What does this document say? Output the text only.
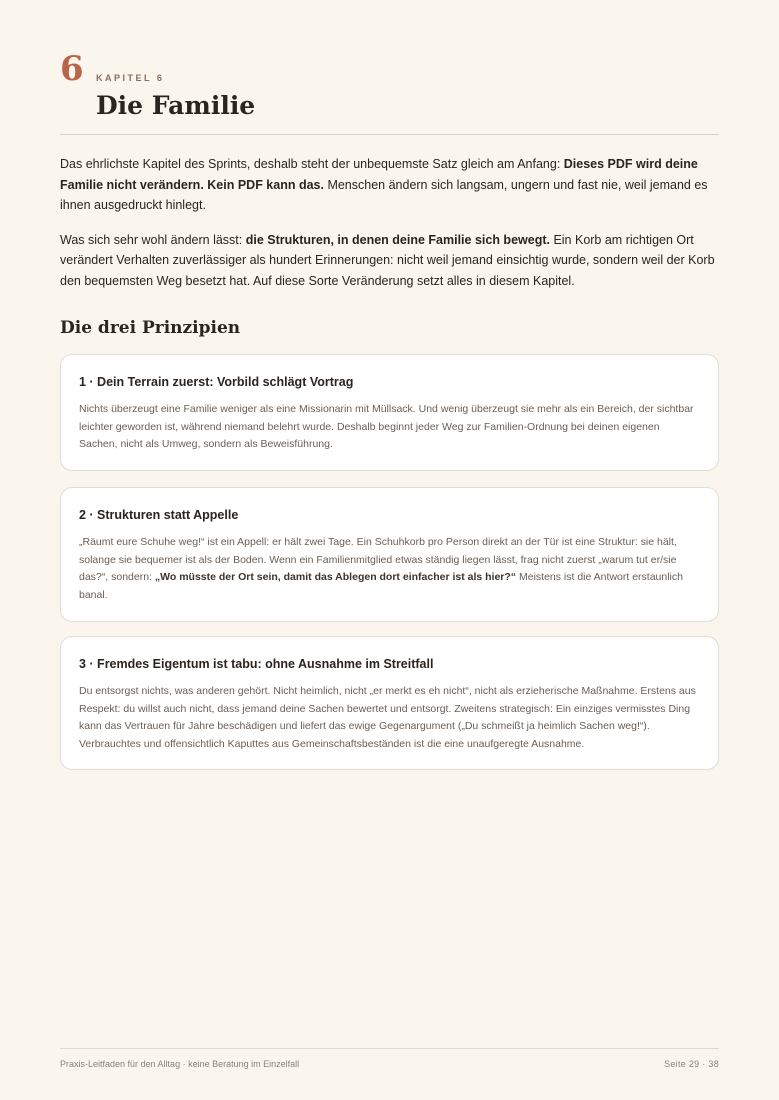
6 KAPITEL 6
Die Familie

Das ehrlichste Kapitel des Sprints, deshalb steht der unbequemste Satz gleich am Anfang: Dieses PDF wird deine Familie nicht verändern. Kein PDF kann das. Menschen ändern sich langsam, ungern und fast nie, weil jemand es ihnen ausgedruckt hinlegt.

Was sich sehr wohl ändern lässt: die Strukturen, in denen deine Familie sich bewegt. Ein Korb am richtigen Ort verändert Verhalten zuverlässiger als hundert Erinnerungen: nicht weil jemand einsichtig wurde, sondern weil der Korb den bequemsten Weg besetzt hat. Auf diese Sorte Veränderung setzt alles in diesem Kapitel.

Die drei Prinzipien
1 · Dein Terrain zuerst: Vorbild schlägt Vortrag

Nichts überzeugt eine Familie weniger als eine Missionarin mit Müllsack. Und wenig überzeugt sie mehr als ein Bereich, der sichtbar leichter geworden ist, während niemand belehrt wurde. Deshalb beginnt jeder Weg zur Familien-Ordnung bei deinen eigenen Sachen, nicht als Umweg, sondern als Beweisführung.

2 · Strukturen statt Appelle

„Räumt eure Schuhe weg!“ ist ein Appell: er hält zwei Tage. Ein Schuhkorb pro Person direkt an der Tür ist eine Struktur: sie hält, solange sie bequemer ist als der Boden. Wenn ein Familienmitglied etwas ständig liegen lässt, frag nicht zuerst „warum tut er/sie das?“, sondern: „Wo müsste der Ort sein, damit das Ablegen dort einfacher ist als hier?“ Meistens ist die Antwort erstaunlich banal.

3 · Fremdes Eigentum ist tabu: ohne Ausnahme im Streitfall

Du entsorgst nichts, was anderen gehört. Nicht heimlich, nicht „er merkt es eh nicht“, nicht als erzieherische Maßnahme. Erstens aus Respekt: du willst auch nicht, dass jemand deine Sachen bewertet und entsorgt. Zweitens strategisch: Ein einziges vermisstes Ding kann das Vertrauen für Jahre beschädigen und liefert das ewige Gegenargument („Du schmeißt ja heimlich Sachen weg!“). Verbrauchtes und offensichtlich Kaputtes aus Gemeinschaftsbeständen ist die eine unaufgeregte Ausnahme.

Praxis-Leitfaden für den Alltag · keine Beratung im Einzelfall	Seite 29 · 38
